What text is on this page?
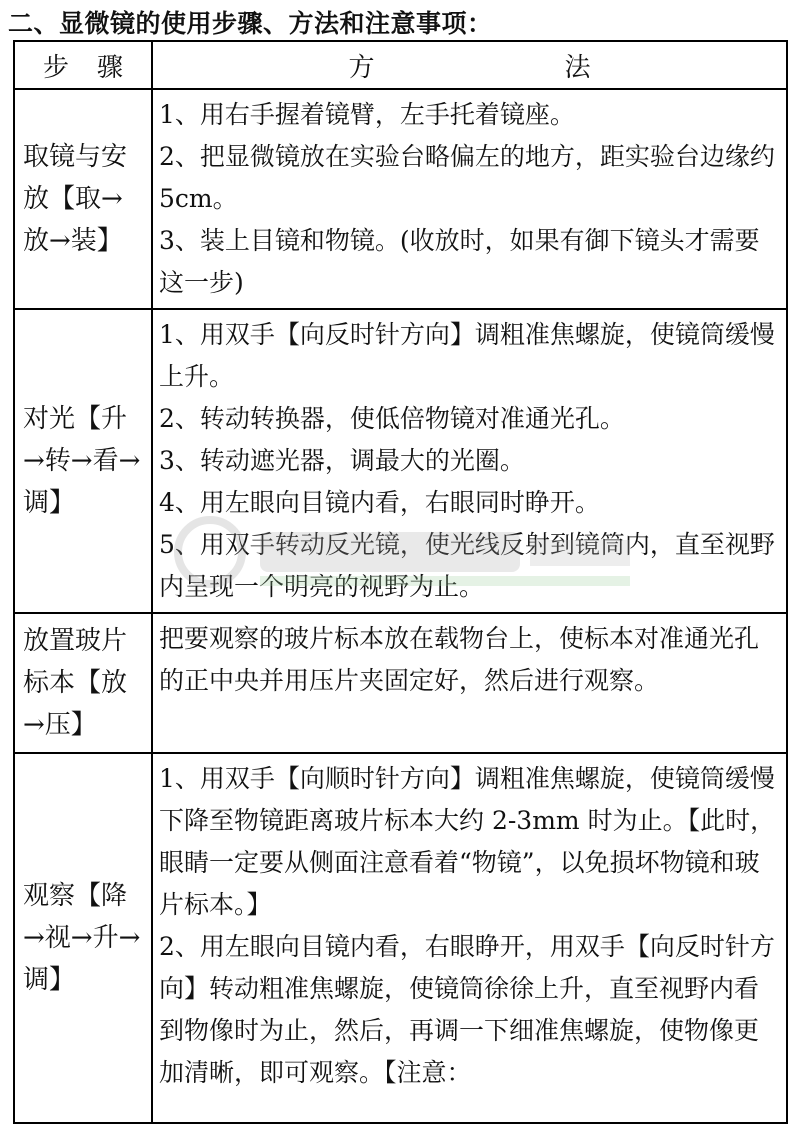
二、显微镜的使用步骤、方法和注意事项：
步骤	方法
取镜与安放【取→放→装】	1、用右手握着镜臂，左手托着镜座。

2、把显微镜放在实验台略偏左的地方，距实验台边缘约 5cm。

3、装上目镜和物镜。(收放时，如果有御下镜头才需要这一步)

对光【升→转→看→调】	1、用双手【向反时针方向】调粗准焦螺旋，使镜筒缓慢上升。

2、转动转换器，使低倍物镜对准通光孔。

3、转动遮光器，调最大的光圈。

4、用左眼向目镜内看，右眼同时睁开。

5、用双手转动反光镜，使光线反射到镜筒内，直至视野内呈现一个明亮的视野为止。

放置玻片标本【放→压】	把要观察的玻片标本放在载物台上，使标本对准通光孔的正中央并用压片夹固定好，然后进行观察。

观察【降→视→升→调】	1、用双手【向顺时针方向】调粗准焦螺旋，使镜筒缓慢下降至物镜距离玻片标本大约 2-3mm 时为止。【此时，眼睛一定要从侧面注意看着“物镜”，以免损坏物镜和玻片标本。】

2、用左眼向目镜内看，右眼睁开，用双手【向反时针方向】转动粗准焦螺旋，使镜筒徐徐上升，直至视野内看到物像时为止，然后，再调一下细准焦螺旋，使物像更加清晰，即可观察。【注意：
